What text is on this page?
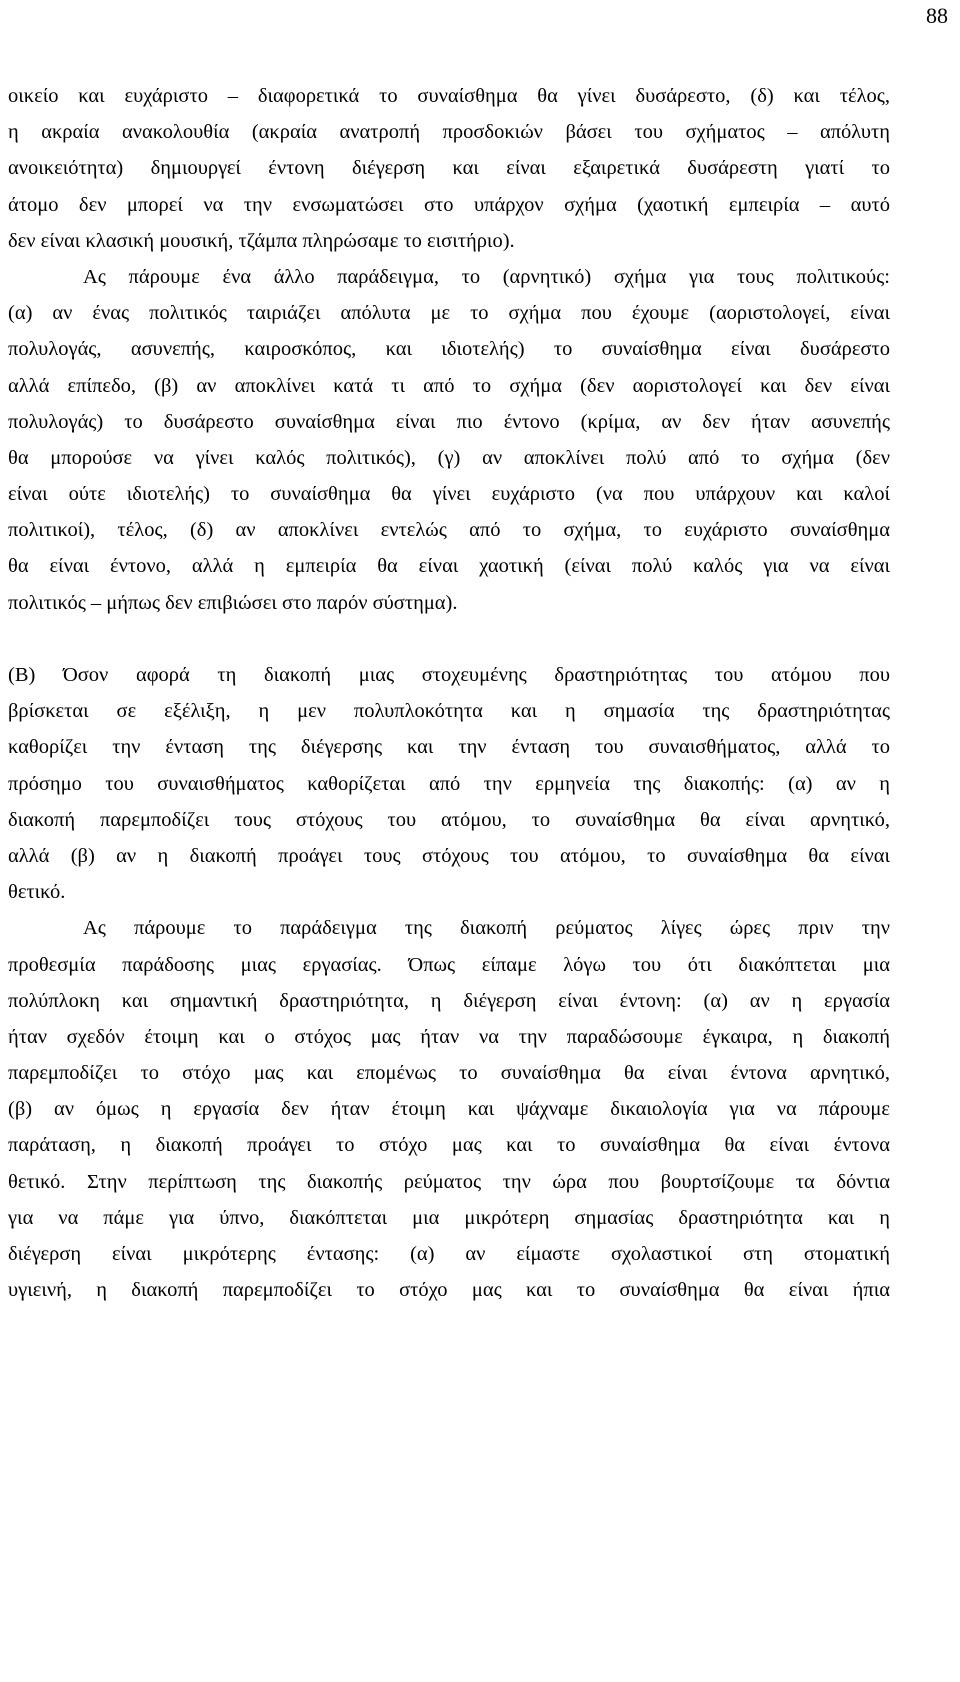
88
οικείο και ευχάριστο – διαφορετικά το συναίσθημα θα γίνει δυσάρεστο, (δ) και τέλος,
η ακραία ανακολουθία (ακραία ανατροπή προσδοκιών βάσει του σχήματος – απόλυτη
ανοικειότητα) δημιουργεί έντονη διέγερση και είναι εξαιρετικά δυσάρεστη γιατί το
άτομο δεν μπορεί να την ενσωματώσει στο υπάρχον σχήμα (χαοτική εμπειρία – αυτό
δεν είναι κλασική μουσική, τζάμπα πληρώσαμε το εισιτήριο).
Ας πάρουμε ένα άλλο παράδειγμα, το (αρνητικό) σχήμα για τους πολιτικούς:
(α) αν ένας πολιτικός ταιριάζει απόλυτα με το σχήμα που έχουμε (αοριστολογεί, είναι
πολυλογάς, ασυνεπής, καιροσκόπος, και ιδιοτελής) το συναίσθημα είναι δυσάρεστο
αλλά επίπεδο, (β) αν αποκλίνει κατά τι από το σχήμα (δεν αοριστολογεί και δεν είναι
πολυλογάς) το δυσάρεστο συναίσθημα είναι πιο έντονο (κρίμα, αν δεν ήταν ασυνεπής
θα μπορούσε να γίνει καλός πολιτικός), (γ) αν αποκλίνει πολύ από το σχήμα (δεν
είναι ούτε ιδιοτελής) το συναίσθημα θα γίνει ευχάριστο (να που υπάρχουν και καλοί
πολιτικοί), τέλος, (δ) αν αποκλίνει εντελώς από το σχήμα, το ευχάριστο συναίσθημα
θα είναι έντονο, αλλά η εμπειρία θα είναι χαοτική (είναι πολύ καλός για να είναι
πολιτικός – μήπως δεν επιβιώσει στο παρόν σύστημα).
(Β) Όσον αφορά τη διακοπή μιας στοχευμένης δραστηριότητας του ατόμου που
βρίσκεται σε εξέλιξη, η μεν πολυπλοκότητα και η σημασία της δραστηριότητας
καθορίζει την ένταση της διέγερσης και την ένταση του συναισθήματος, αλλά το
πρόσημο του συναισθήματος καθορίζεται από την ερμηνεία της διακοπής: (α) αν η
διακοπή παρεμποδίζει τους στόχους του ατόμου, το συναίσθημα θα είναι αρνητικό,
αλλά (β) αν η διακοπή προάγει τους στόχους του ατόμου, το συναίσθημα θα είναι
θετικό.
Ας πάρουμε το παράδειγμα της διακοπή ρεύματος λίγες ώρες πριν την
προθεσμία παράδοσης μιας εργασίας. Όπως είπαμε λόγω του ότι διακόπτεται μια
πολύπλοκη και σημαντική δραστηριότητα, η διέγερση είναι έντονη: (α) αν η εργασία
ήταν σχεδόν έτοιμη και ο στόχος μας ήταν να την παραδώσουμε έγκαιρα, η διακοπή
παρεμποδίζει το στόχο μας και επομένως το συναίσθημα θα είναι έντονα αρνητικό,
(β) αν όμως η εργασία δεν ήταν έτοιμη και ψάχναμε δικαιολογία για να πάρουμε
παράταση, η διακοπή προάγει το στόχο μας και το συναίσθημα θα είναι έντονα
θετικό. Στην περίπτωση της διακοπής ρεύματος την ώρα που βουρτσίζουμε τα δόντια
για να πάμε για ύπνο, διακόπτεται μια μικρότερη σημασίας δραστηριότητα και η
διέγερση είναι μικρότερης έντασης: (α) αν είμαστε σχολαστικοί στη στοματική
υγιεινή, η διακοπή παρεμποδίζει το στόχο μας και το συναίσθημα θα είναι ήπια
